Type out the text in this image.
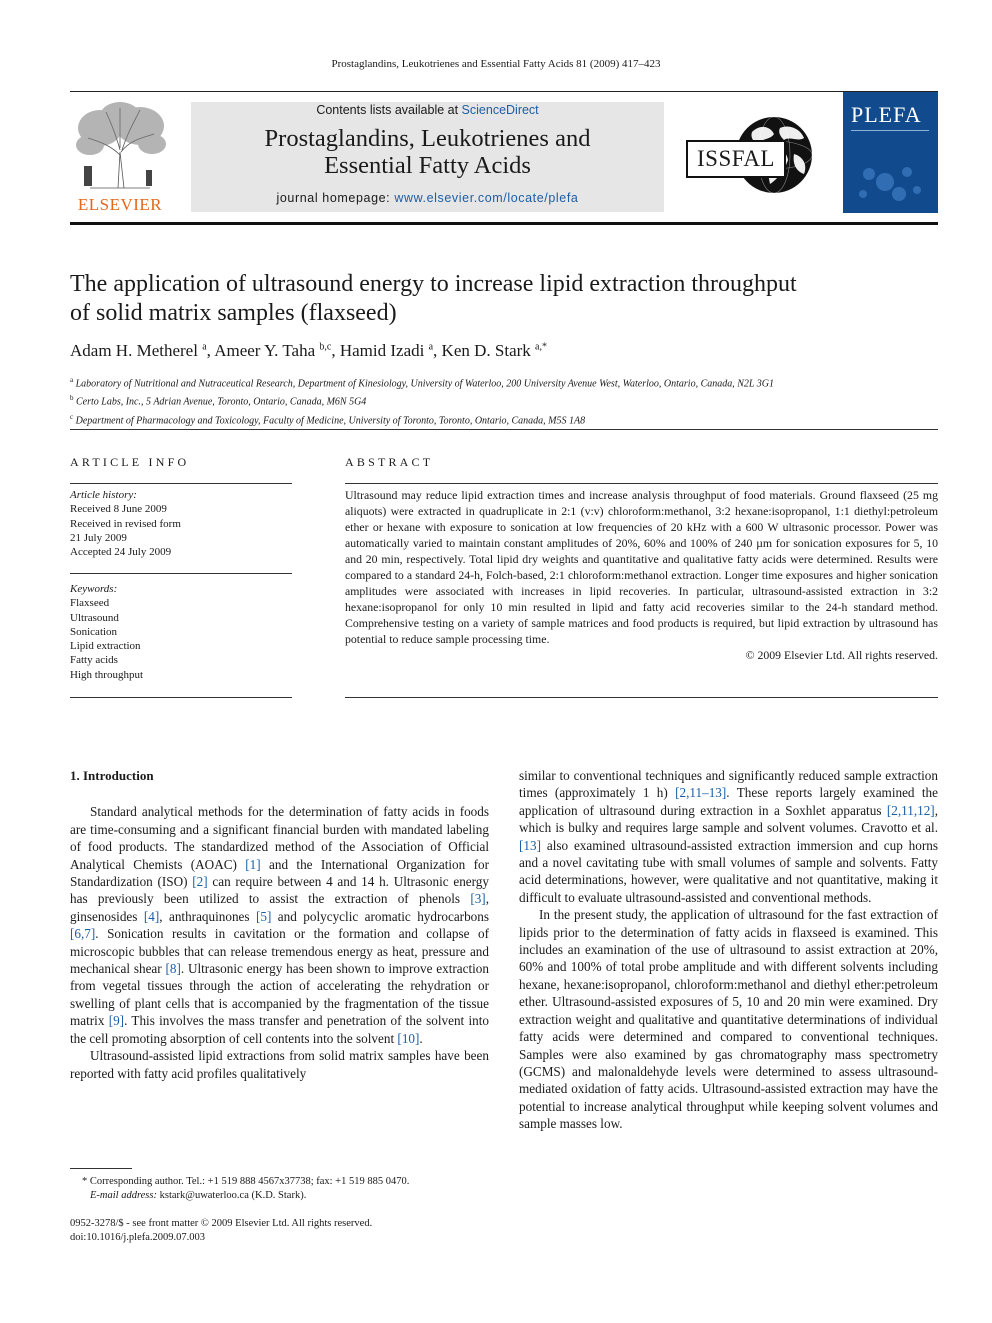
Prostaglandins, Leukotrienes and Essential Fatty Acids 81 (2009) 417–423
ELSEVIER
Contents lists available at ScienceDirect
Prostaglandins, Leukotrienes and
Essential Fatty Acids
journal homepage: www.elsevier.com/locate/plefa
ISSFAL
PLEFA
The application of ultrasound energy to increase lipid extraction throughput
of solid matrix samples (flaxseed)
Adam H. Metherel $^a$, Ameer Y. Taha $^{b,c}$, Hamid Izadi $^a$, Ken D. Stark $^{a,*}$
$^a$ Laboratory of Nutritional and Nutraceutical Research, Department of Kinesiology, University of Waterloo, 200 University Avenue West, Waterloo, Ontario, Canada, N2L 3G1
$^b$ Certo Labs, Inc., 5 Adrian Avenue, Toronto, Ontario, Canada, M6N 5G4
$^c$ Department of Pharmacology and Toxicology, Faculty of Medicine, University of Toronto, Toronto, Ontario, Canada, M5S 1A8
ARTICLE INFO
Article history:
Received 8 June 2009
Received in revised form
21 July 2009
Accepted 24 July 2009
Keywords:
Flaxseed
Ultrasound
Sonication
Lipid extraction
Fatty acids
High throughput
ABSTRACT

Ultrasound may reduce lipid extraction times and increase analysis throughput of food materials. Ground flaxseed (25 mg aliquots) were extracted in quadruplicate in 2:1 (v:v) chloroform:methanol, 3:2 hexane:isopropanol, 1:1 diethyl:petroleum ether or hexane with exposure to sonication at low frequencies of 20 kHz with a 600 W ultrasonic processor. Power was automatically varied to maintain constant amplitudes of 20%, 60% and 100% of 240 µm for sonication exposures for 5, 10 and 20 min, respectively. Total lipid dry weights and quantitative and qualitative fatty acids were determined. Results were compared to a standard 24-h, Folch-based, 2:1 chloroform:methanol extraction. Longer time exposures and higher sonication amplitudes were associated with increases in lipid recoveries. In particular, ultrasound-assisted extraction in 3:2 hexane:isopropanol for only 10 min resulted in lipid and fatty acid recoveries similar to the 24-h standard method. Comprehensive testing on a variety of sample matrices and food products is required, but lipid extraction by ultrasound has potential to reduce sample processing time.

© 2009 Elsevier Ltd. All rights reserved.

1. Introduction

Standard analytical methods for the determination of fatty acids in foods are time-consuming and a significant financial burden with mandated labeling of food products. The standardized method of the Association of Official Analytical Chemists (AOAC) [1] and the International Organization for Standardization (ISO) [2] can require between 4 and 14 h. Ultrasonic energy has previously been utilized to assist the extraction of phenols [3], ginsenosides [4], anthraquinones [5] and polycyclic aromatic hydrocarbons [6,7]. Sonication results in cavitation or the formation and collapse of microscopic bubbles that can release tremendous energy as heat, pressure and mechanical shear [8]. Ultrasonic energy has been shown to improve extraction from vegetal tissues through the action of accelerating the rehydration or swelling of plant cells that is accompanied by the fragmentation of the tissue matrix [9]. This involves the mass transfer and penetration of the solvent into the cell promoting absorption of cell contents into the solvent [10].

Ultrasound-assisted lipid extractions from solid matrix samples have been reported with fatty acid profiles qualitatively

* Corresponding author. Tel.: +1 519 888 4567x37738; fax: +1 519 885 0470.
E-mail address: kstark@uwaterloo.ca (K.D. Stark).
0952-3278/$ - see front matter © 2009 Elsevier Ltd. All rights reserved.
doi:10.1016/j.plefa.2009.07.003

similar to conventional techniques and significantly reduced sample extraction times (approximately 1 h) [2,11–13]. These reports largely examined the application of ultrasound during extraction in a Soxhlet apparatus [2,11,12], which is bulky and requires large sample and solvent volumes. Cravotto et al. [13] also examined ultrasound-assisted extraction immersion and cup horns and a novel cavitating tube with small volumes of sample and solvents. Fatty acid determinations, however, were qualitative and not quantitative, making it difficult to evaluate ultrasound-assisted and conventional methods.

In the present study, the application of ultrasound for the fast extraction of lipids prior to the determination of fatty acids in flaxseed is examined. This includes an examination of the use of ultrasound to assist extraction at 20%, 60% and 100% of total probe amplitude and with different solvents including hexane, hexane:isopropanol, chloroform:methanol and diethyl ether:petroleum ether. Ultrasound-assisted exposures of 5, 10 and 20 min were examined. Dry extraction weight and qualitative and quantitative determinations of individual fatty acids were determined and compared to conventional techniques. Samples were also examined by gas chromatography mass spectrometry (GCMS) and malonaldehyde levels were determined to assess ultrasound-mediated oxidation of fatty acids. Ultrasound-assisted extraction may have the potential to increase analytical throughput while keeping solvent volumes and sample masses low.
